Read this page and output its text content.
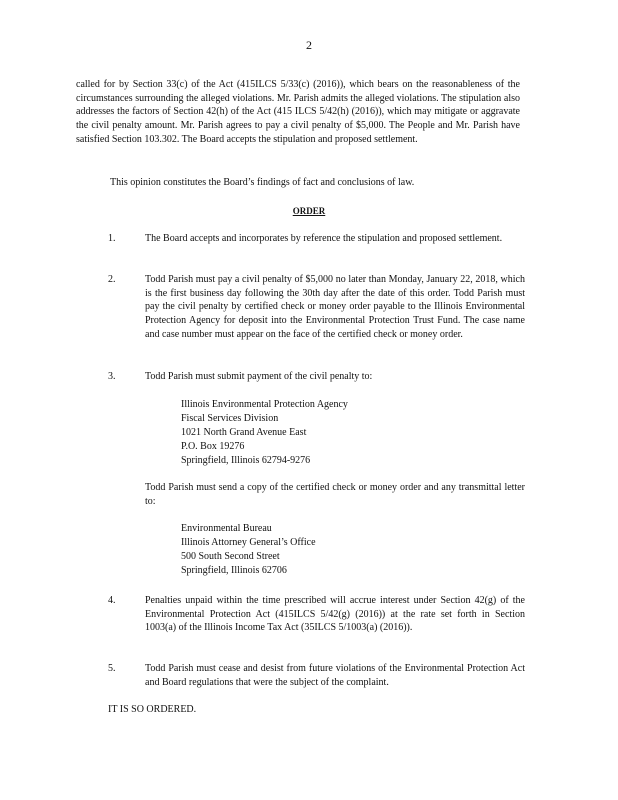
2
called for by Section 33(c) of the Act (415ILCS 5/33(c) (2016)), which bears on the reasonableness of the circumstances surrounding the alleged violations. Mr. Parish admits the alleged violations. The stipulation also addresses the factors of Section 42(h) of the Act (415 ILCS 5/42(h) (2016)), which may mitigate or aggravate the civil penalty amount. Mr. Parish agrees to pay a civil penalty of $5,000. The People and Mr. Parish have satisfied Section 103.302. The Board accepts the stipulation and proposed settlement.
This opinion constitutes the Board’s findings of fact and conclusions of law.
ORDER
1.	The Board accepts and incorporates by reference the stipulation and proposed settlement.
2.	Todd Parish must pay a civil penalty of $5,000 no later than Monday, January 22, 2018, which is the first business day following the 30th day after the date of this order. Todd Parish must pay the civil penalty by certified check or money order payable to the Illinois Environmental Protection Agency for deposit into the Environmental Protection Trust Fund. The case name and case number must appear on the face of the certified check or money order.
3.	Todd Parish must submit payment of the civil penalty to:
Illinois Environmental Protection Agency
Fiscal Services Division
1021 North Grand Avenue East
P.O. Box 19276
Springfield, Illinois 62794-9276
Todd Parish must send a copy of the certified check or money order and any transmittal letter to:
Environmental Bureau
Illinois Attorney General’s Office
500 South Second Street
Springfield, Illinois 62706
4.	Penalties unpaid within the time prescribed will accrue interest under Section 42(g) of the Environmental Protection Act (415ILCS 5/42(g) (2016)) at the rate set forth in Section 1003(a) of the Illinois Income Tax Act (35ILCS 5/1003(a) (2016)).
5.	Todd Parish must cease and desist from future violations of the Environmental Protection Act and Board regulations that were the subject of the complaint.
IT IS SO ORDERED.
